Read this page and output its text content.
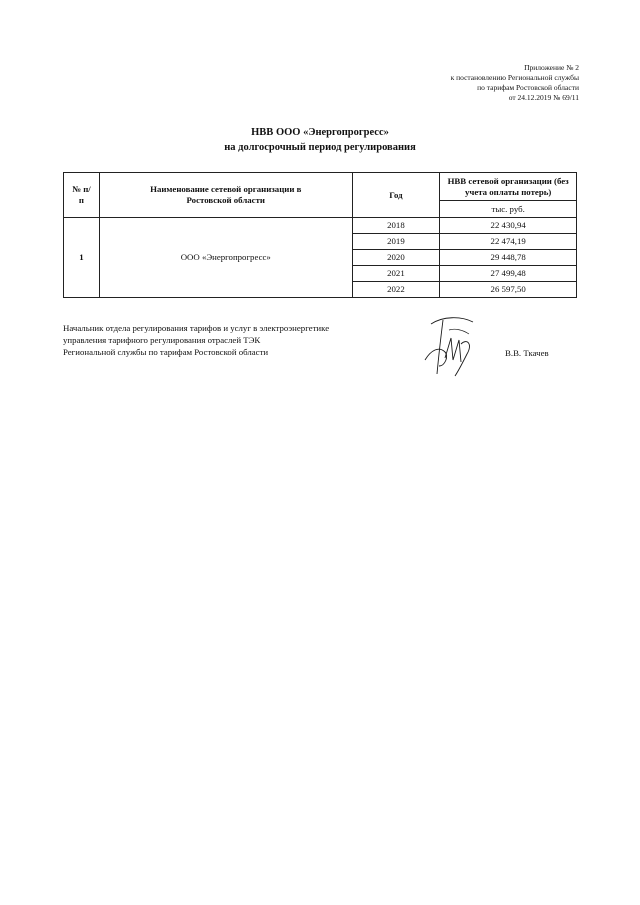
Приложение № 2
к постановлению Региональной службы
по тарифам Ростовской области
от 24.12.2019 № 69/11
НВВ ООО «Энергопрогресс»
на долгосрочный период регулирования
№ п/п	Наименование сетевой организации в Ростовской области	Год	НВВ сетевой организации (без учета оплаты потерь)
			тыс. руб.
1	ООО «Энергопрогресс»	2018	22 430,94
		2019	22 474,19
		2020	29 448,78
		2021	27 499,48
		2022	26 597,50
Начальник отдела регулирования тарифов и услуг в электроэнергетике
управления тарифного регулирования отраслей ТЭК
Региональной службы по тарифам Ростовской области	В.В. Ткачев
